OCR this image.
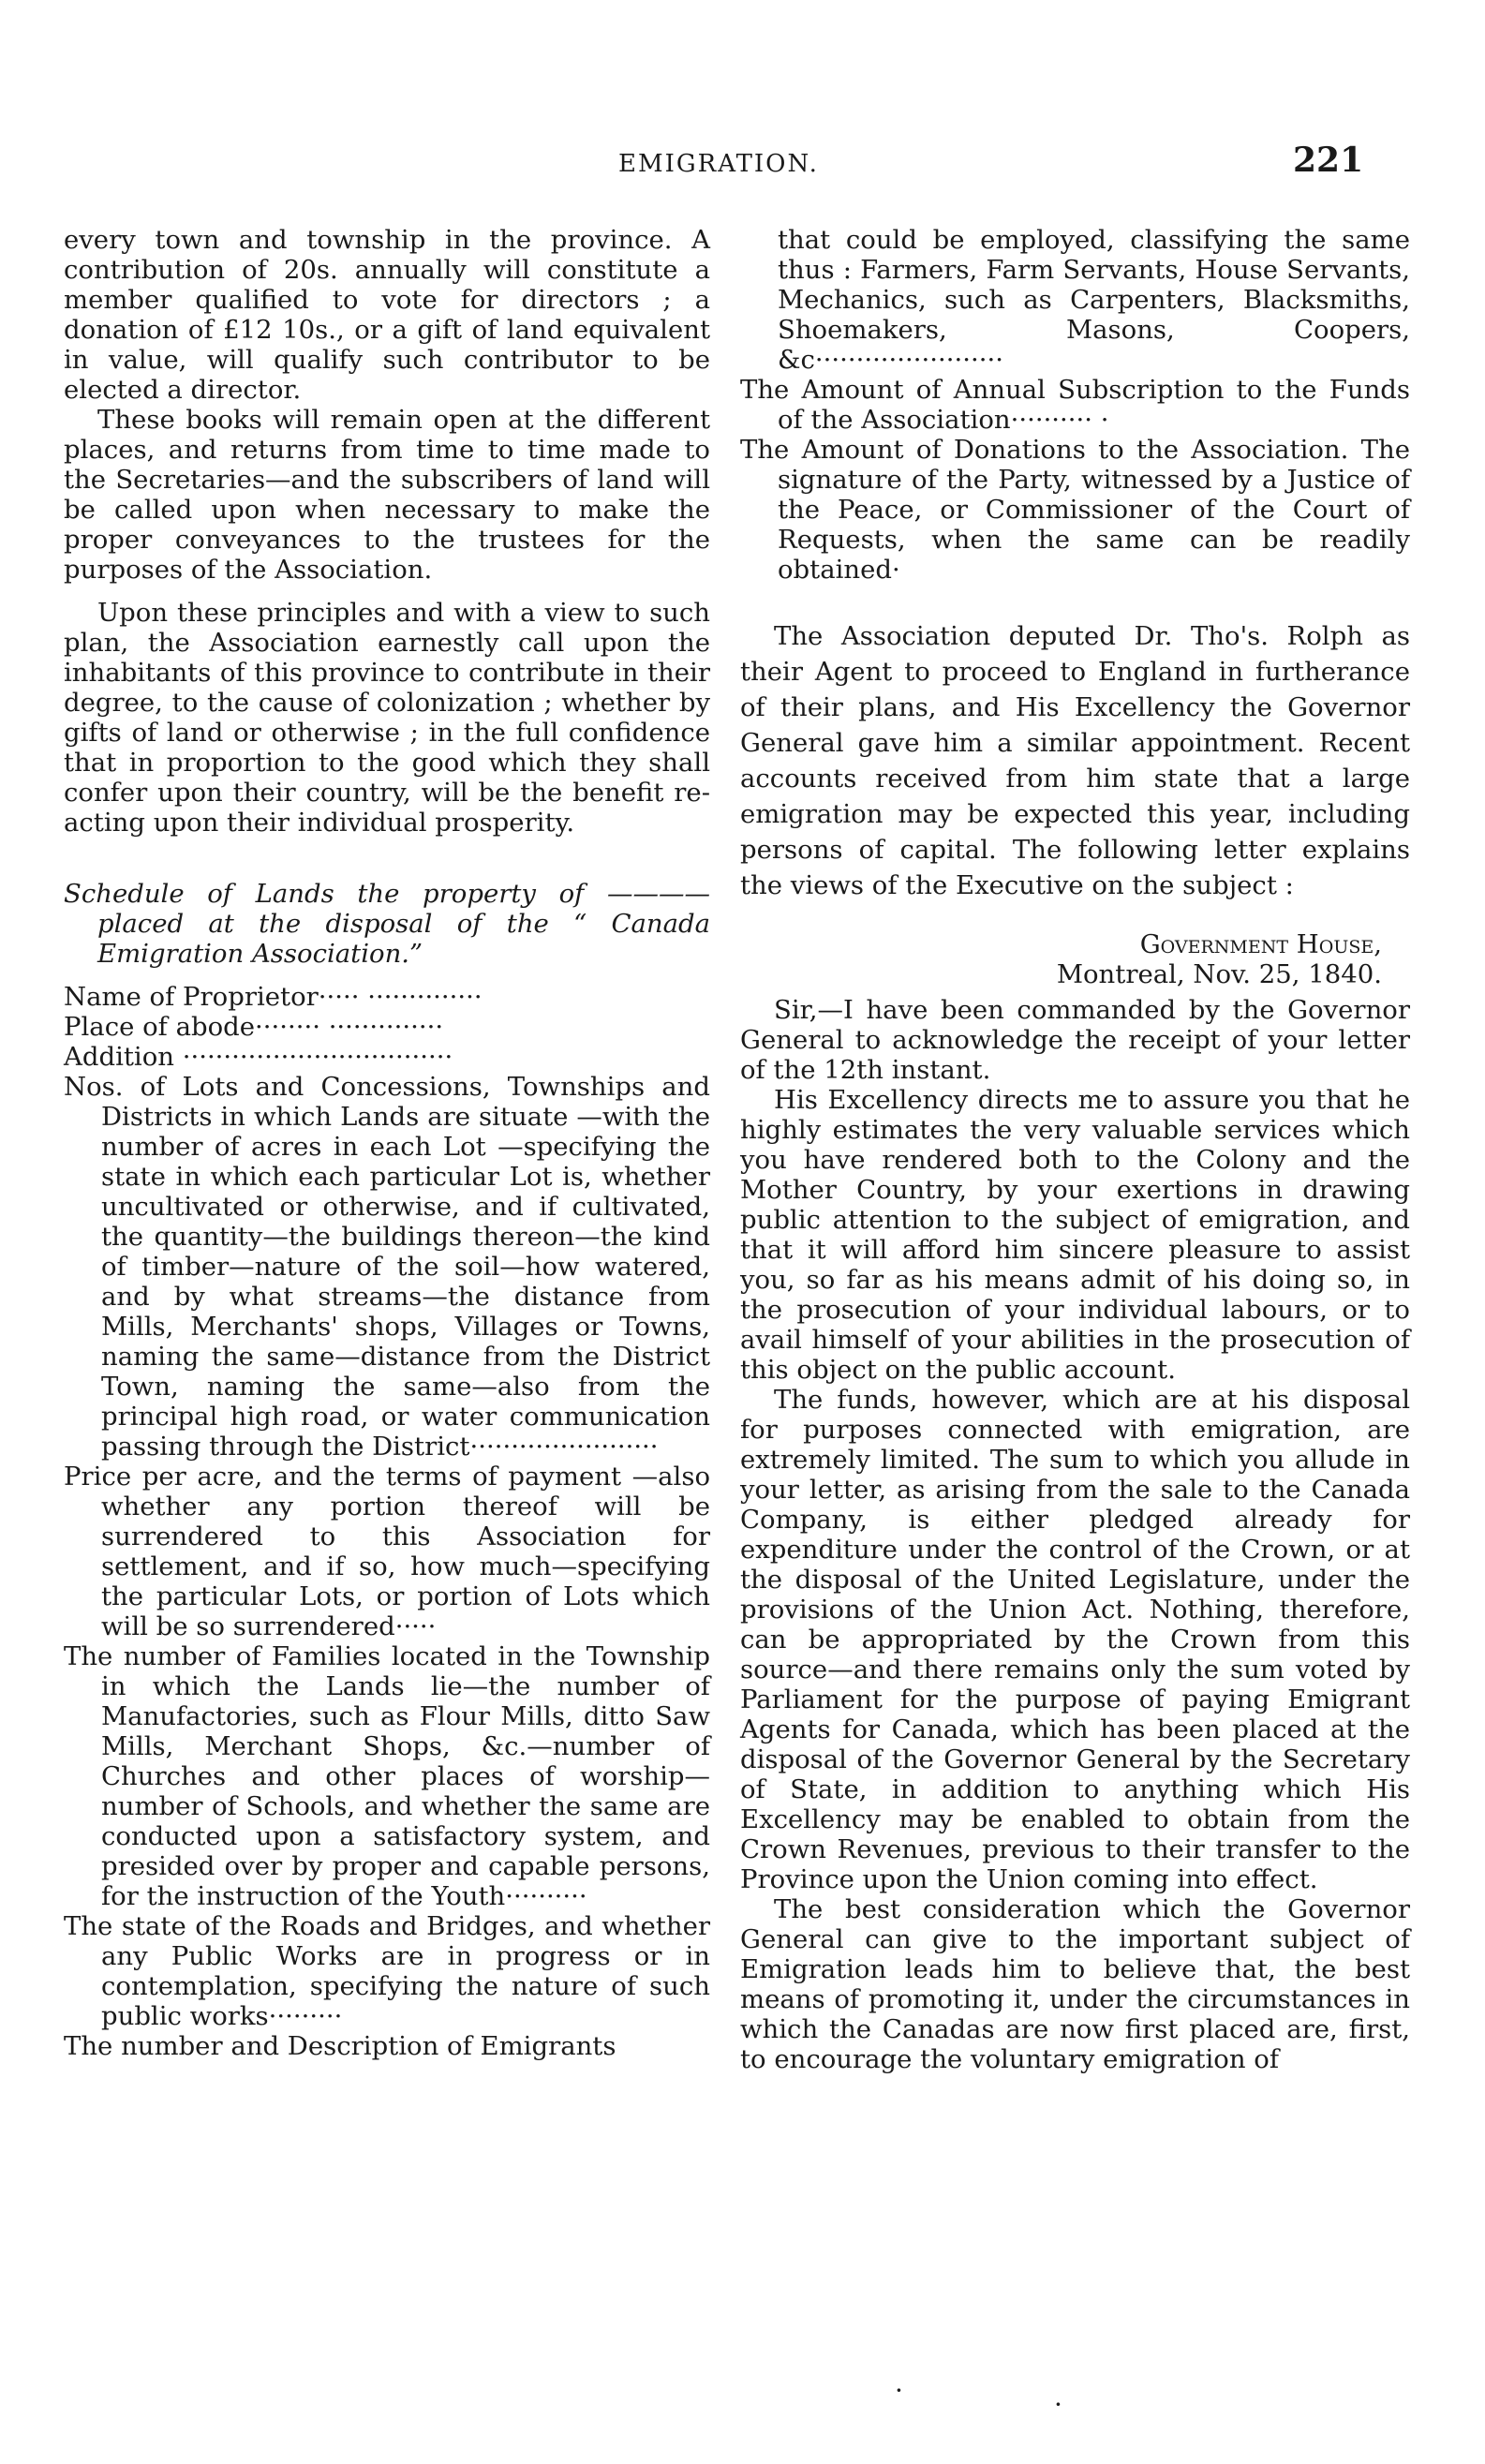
EMIGRATION.	221

every town and township in the province. A contribution of 20s. annually will constitute a member qualified to vote for directors ; a donation of £12 10s., or a gift of land equivalent in value, will qualify such contributor to be elected a director.

These books will remain open at the different places, and returns from time to time made to the Secretaries—and the subscribers of land will be called upon when necessary to make the proper conveyances to the trustees for the purposes of the Association.

Upon these principles and with a view to such plan, the Association earnestly call upon the inhabitants of this province to contribute in their degree, to the cause of colonization ; whether by gifts of land or otherwise ; in the full confidence that in proportion to the good which they shall confer upon their country, will be the benefit re-acting upon their individual prosperity.

Schedule of Lands the property of ———— placed at the disposal of the “ Canada Emigration Association.”

Name of Proprietor····· ··············

Place of abode········ ··············

Addition ·································

Nos. of Lots and Concessions, Townships and Districts in which Lands are situate —with the number of acres in each Lot —specifying the state in which each particular Lot is, whether uncultivated or otherwise, and if cultivated, the quantity—the buildings thereon—the kind of timber—nature of the soil—how watered, and by what streams—the distance from Mills, Merchants' shops, Villages or Towns, naming the same—distance from the District Town, naming the same—also from the principal high road, or water communication passing through the District·······················

Price per acre, and the terms of payment —also whether any portion thereof will be surrendered to this Association for settlement, and if so, how much—specifying the particular Lots, or portion of Lots which will be so surrendered·····

The number of Families located in the Township in which the Lands lie—the number of Manufactories, such as Flour Mills, ditto Saw Mills, Merchant Shops, &c.—number of Churches and other places of worship—number of Schools, and whether the same are conducted upon a satisfactory system, and presided over by proper and capable persons, for the instruction of the Youth··········

The state of the Roads and Bridges, and whether any Public Works are in progress or in contemplation, specifying the nature of such public works·········

The number and Description of Emigrants

that could be employed, classifying the same thus : Farmers, Farm Servants, House Servants, Mechanics, such as Carpenters, Blacksmiths, Shoemakers, Masons, Coopers, &c·······················

The Amount of Annual Subscription to the Funds of the Association·········· ·

The Amount of Donations to the Association. The signature of the Party, witnessed by a Justice of the Peace, or Commissioner of the Court of Requests, when the same can be readily obtained·

The Association deputed Dr. Tho's. Rolph as their Agent to proceed to England in furtherance of their plans, and His Excellency the Governor General gave him a similar appointment. Recent accounts received from him state that a large emigration may be expected this year, including persons of capital. The following letter explains the views of the Executive on the subject :

Government House,

Montreal, Nov. 25, 1840.

Sir,—I have been commanded by the Governor General to acknowledge the receipt of your letter of the 12th instant.

His Excellency directs me to assure you that he highly estimates the very valuable services which you have rendered both to the Colony and the Mother Country, by your exertions in drawing public attention to the subject of emigration, and that it will afford him sincere pleasure to assist you, so far as his means admit of his doing so, in the prosecution of your individual labours, or to avail himself of your abilities in the prosecution of this object on the public account.

The funds, however, which are at his disposal for purposes connected with emigration, are extremely limited. The sum to which you allude in your letter, as arising from the sale to the Canada Company, is either pledged already for expenditure under the control of the Crown, or at the disposal of the United Legislature, under the provisions of the Union Act. Nothing, therefore, can be appropriated by the Crown from this source—and there remains only the sum voted by Parliament for the purpose of paying Emigrant Agents for Canada, which has been placed at the disposal of the Governor General by the Secretary of State, in addition to anything which His Excellency may be enabled to obtain from the Crown Revenues, previous to their transfer to the Province upon the Union coming into effect.

The best consideration which the Governor General can give to the important subject of Emigration leads him to believe that, the best means of promoting it, under the circumstances in which the Canadas are now first placed are, first, to encourage the voluntary emigration of

·	·
